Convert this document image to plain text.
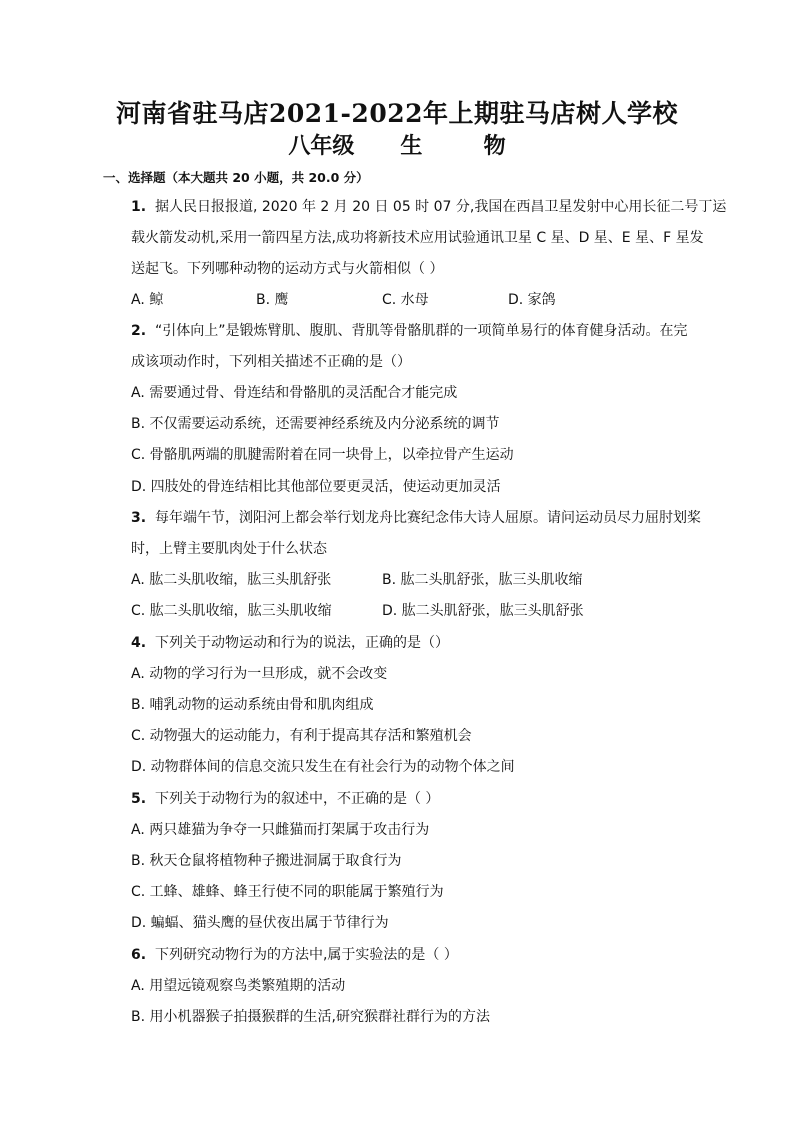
河南省驻马店2021-2022年上期驻马店树人学校
八年级      生        物
一、选择题（本大题共 20 小题，共 20.0 分）
1. 据人民日报报道, 2020 年 2 月 20 日 05 时 07 分,我国在西昌卫星发射中心用长征二号丁运
载火箭发动机,采用一箭四星方法,成功将新技术应用试验通讯卫星 C 星、D 星、E 星、F 星发
送起飞。下列哪种动物的运动方式与火箭相似（ ）
A. 鲸	B. 鹰	C. 水母	D. 家鸽
2. “引体向上”是锻炼臂肌、腹肌、背肌等骨骼肌群的一项简单易行的体育健身活动。在完
成该项动作时，下列相关描述不正确的是（）
A. 需要通过骨、骨连结和骨骼肌的灵活配合才能完成
B. 不仅需要运动系统，还需要神经系统及内分泌系统的调节
C. 骨骼肌两端的肌腱需附着在同一块骨上，以牵拉骨产生运动
D. 四肢处的骨连结相比其他部位要更灵活，使运动更加灵活
3. 每年端午节，浏阳河上都会举行划龙舟比赛纪念伟大诗人屈原。请问运动员尽力屈肘划桨
时，上臂主要肌肉处于什么状态
A. 肱二头肌收缩，肱三头肌舒张	B. 肱二头肌舒张，肱三头肌收缩
C. 肱二头肌收缩，肱三头肌收缩	D. 肱二头肌舒张，肱三头肌舒张
4. 下列关于动物运动和行为的说法，正确的是（）
A. 动物的学习行为一旦形成，就不会改变
B. 哺乳动物的运动系统由骨和肌肉组成
C. 动物强大的运动能力，有利于提高其存活和繁殖机会
D. 动物群体间的信息交流只发生在有社会行为的动物个体之间
5. 下列关于动物行为的叙述中，不正确的是（ ）
A. 两只雄猫为争夺一只雌猫而打架属于攻击行为
B. 秋天仓鼠将植物种子搬进洞属于取食行为
C. 工蜂、雄蜂、蜂王行使不同的职能属于繁殖行为
D. 蝙蝠、猫头鹰的昼伏夜出属于节律行为
6. 下列研究动物行为的方法中,属于实验法的是（ ）
A. 用望远镜观察鸟类繁殖期的活动
B. 用小机器猴子拍摄猴群的生活,研究猴群社群行为的方法
